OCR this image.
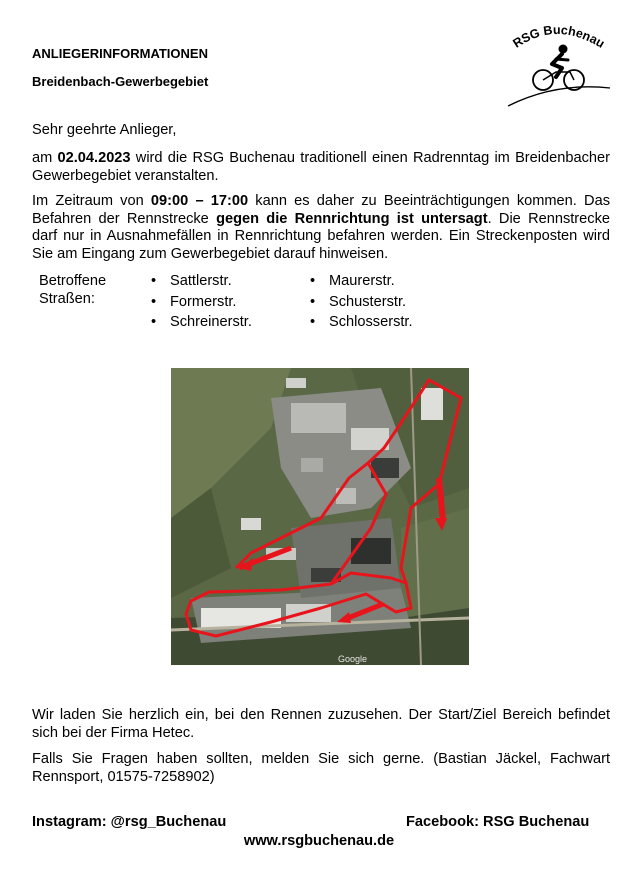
ANLIEGERINFORMATIONEN
Breidenbach-Gewerbegebiet
RSG Buchenau
Sehr geehrte Anlieger,
am 02.04.2023 wird die RSG Buchenau traditionell einen Radrenntag im Breidenbacher Gewerbegebiet veranstalten.
Im Zeitraum von 09:00 – 17:00 kann es daher zu Beeinträchtigungen kommen. Das Befahren der Rennstrecke gegen die Rennrichtung ist untersagt. Die Rennstrecke darf nur in Ausnahmefällen in Rennrichtung befahren werden. Ein Streckenposten wird Sie am Eingang zum Gewerbegebiet darauf hinweisen.
Betroffene
Straßen:
• Sattlerstr.
• Formerstr.
• Schreinerstr.
• Maurerstr.
• Schusterstr.
• Schlosserstr.
Google
Wir laden Sie herzlich ein, bei den Rennen zuzusehen. Der Start/Ziel Bereich befindet sich bei der Firma Hetec.
Falls Sie Fragen haben sollten, melden Sie sich gerne. (Bastian Jäckel, Fachwart Rennsport, 01575-7258902)
Instagram: @rsg_Buchenau	Facebook: RSG Buchenau
www.rsgbuchenau.de
